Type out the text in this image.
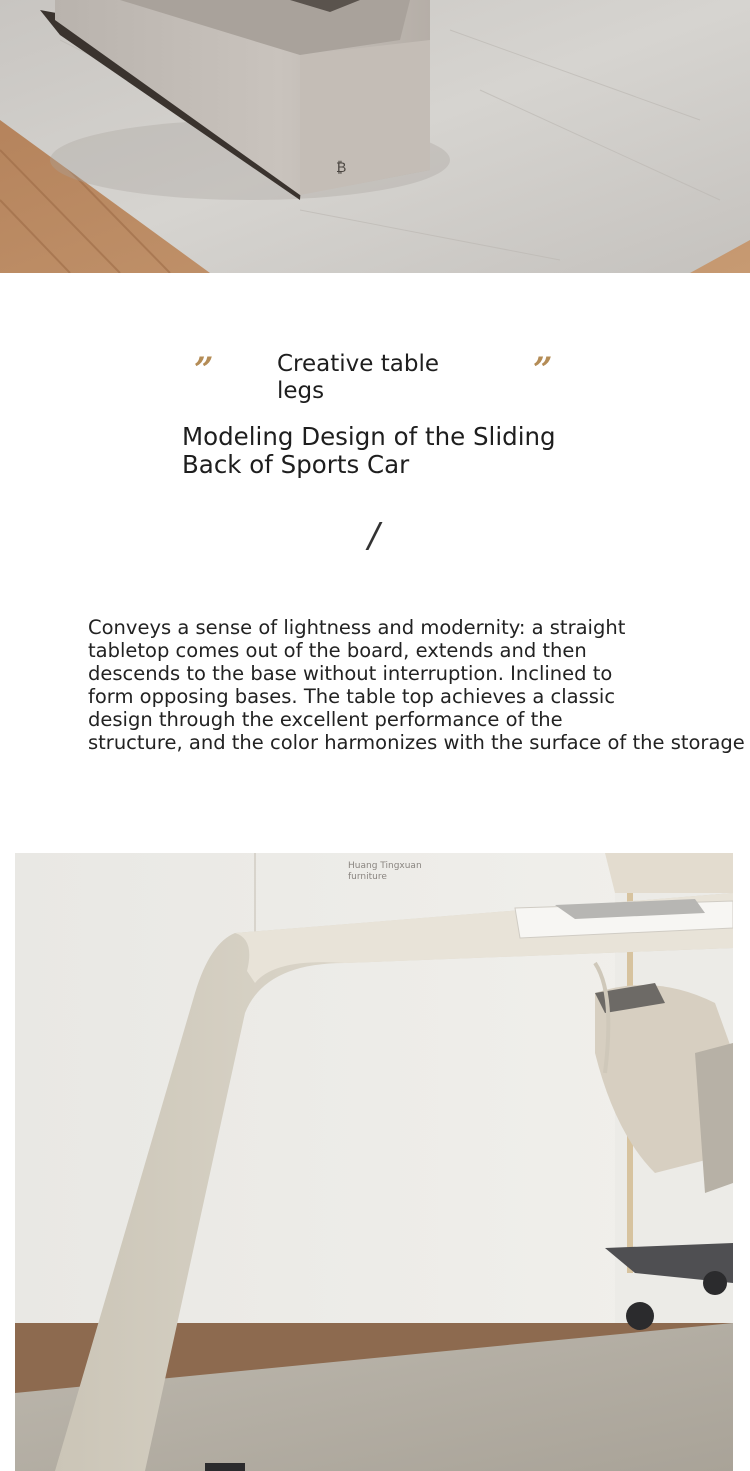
₿
”	Creative table
legs
”
Modeling Design of the Sliding
Back of Sports Car
/
Conveys a sense of lightness and modernity: a straight
tabletop comes out of the board, extends and then
descends to the base without interruption. Inclined to
form opposing bases. The table top achieves a classic
design through the excellent performance of the
structure, and the color harmonizes with the surface of the storage
Huang Tingxuan
furniture
